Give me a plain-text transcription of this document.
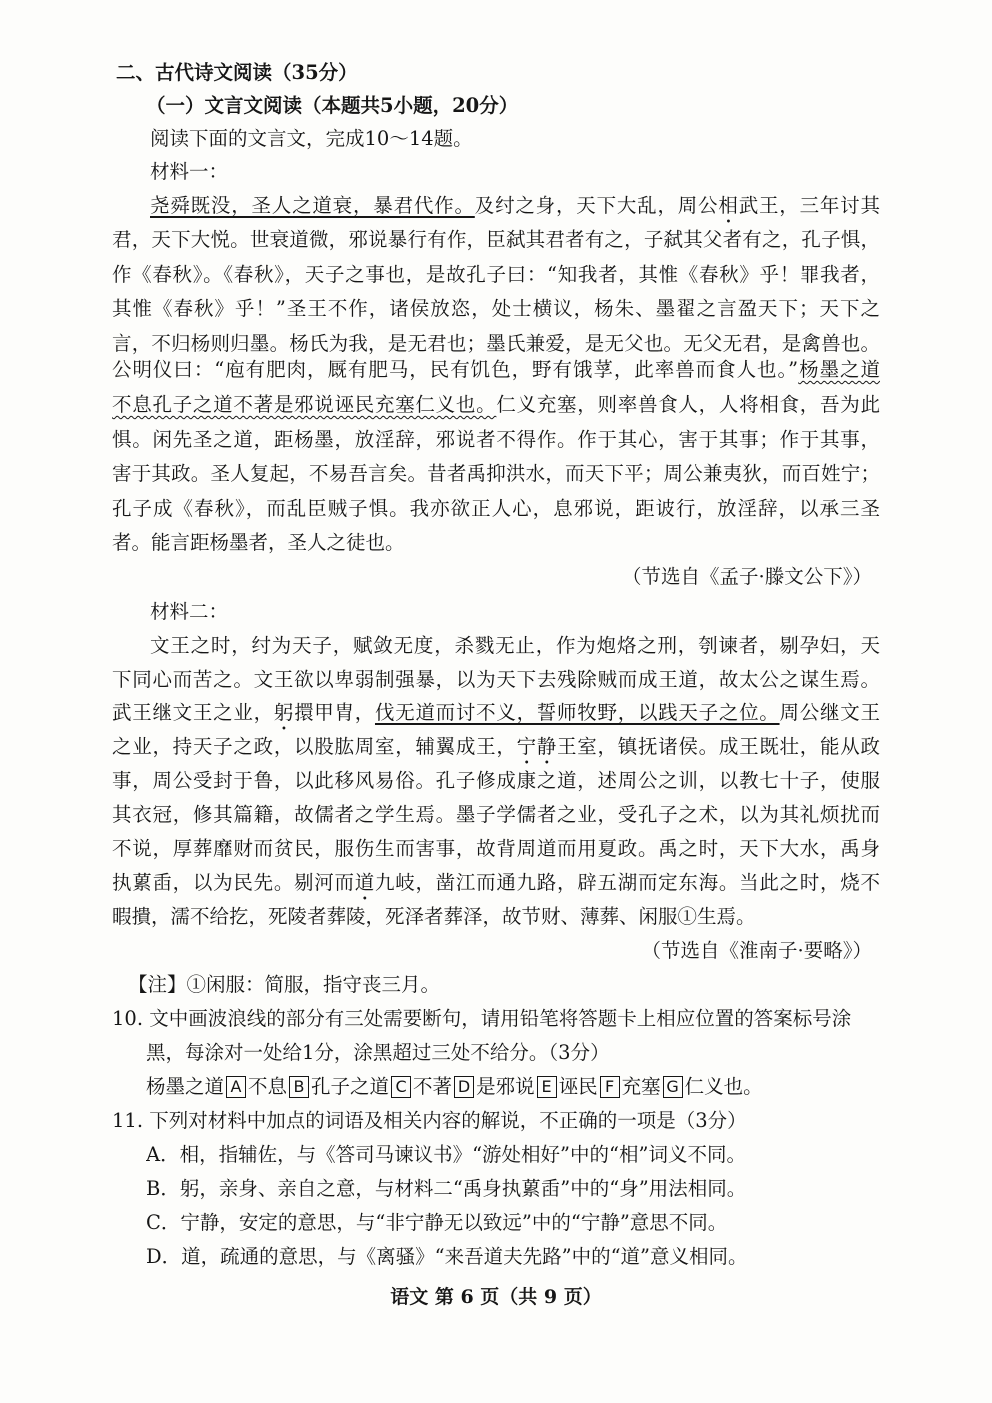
二、古代诗文阅读（35分）
（一）文言文阅读（本题共5小题，20分）
阅读下面的文言文，完成10～14题。
材料一：
尧舜既没，圣人之道衰，暴君代作。及纣之身，天下大乱，周公相武王，三年讨其
君，天下大悦。世衰道微，邪说暴行有作，臣弑其君者有之，子弑其父者有之，孔子惧，
作《春秋》。《春秋》，天子之事也，是故孔子曰：“知我者，其惟《春秋》乎！罪我者，
其惟《春秋》乎！”圣王不作，诸侯放恣，处士横议，杨朱、墨翟之言盈天下；天下之
言，不归杨则归墨。杨氏为我，是无君也；墨氏兼爱，是无父也。无父无君，是禽兽也。
公明仪曰：“庖有肥肉，厩有肥马，民有饥色，野有饿莩，此率兽而食人也。”杨墨之道
不息孔子之道不著是邪说诬民充塞仁义也。仁义充塞，则率兽食人，人将相食，吾为此
惧。闲先圣之道，距杨墨，放淫辞，邪说者不得作。作于其心，害于其事；作于其事，
害于其政。圣人复起，不易吾言矣。昔者禹抑洪水，而天下平；周公兼夷狄，而百姓宁；
孔子成《春秋》，而乱臣贼子惧。我亦欲正人心，息邪说，距诐行，放淫辞，以承三圣
者。能言距杨墨者，圣人之徒也。
（节选自《孟子·滕文公下》）
材料二：
文王之时，纣为天子，赋敛无度，杀戮无止，作为炮烙之刑，刳谏者，剔孕妇，天
下同心而苦之。文王欲以卑弱制强暴，以为天下去残除贼而成王道，故太公之谋生焉。
武王继文王之业，躬擐甲胄，伐无道而讨不义，誓师牧野，以践天子之位。周公继文王
之业，持天子之政，以股肱周室，辅翼成王，宁静王室，镇抚诸侯。成王既壮，能从政
事，周公受封于鲁，以此移风易俗。孔子修成康之道，述周公之训，以教七十子，使服
其衣冠，修其篇籍，故儒者之学生焉。墨子学儒者之业，受孔子之术，以为其礼烦扰而
不说，厚葬靡财而贫民，服伤生而害事，故背周道而用夏政。禹之时，天下大水，禹身
执蔂臿，以为民先。剔河而道九岐，凿江而通九路，辟五湖而定东海。当此之时，烧不
暇撌，濡不给扢，死陵者葬陵，死泽者葬泽，故节财、薄葬、闲服①生焉。
（节选自《淮南子·要略》）
【注】①闲服：简服，指守丧三月。
10. 文中画波浪线的部分有三处需要断句，请用铅笔将答题卡上相应位置的答案标号涂
黑，每涂对一处给1分，涂黑超过三处不给分。（3分）
杨墨之道 A 不息 B 孔子之道 C 不著 D 是邪说 E 诬民 F 充塞 G 仁义也。
11. 下列对材料中加点的词语及相关内容的解说，不正确的一项是（3分）
A．相，指辅佐，与《答司马谏议书》“游处相好”中的“相”词义不同。
B．躬，亲身、亲自之意，与材料二“禹身执蔂臿”中的“身”用法相同。
C．宁静，安定的意思，与“非宁静无以致远”中的“宁静”意思不同。
D．道，疏通的意思，与《离骚》“来吾道夫先路”中的“道”意义相同。
语文 第 6 页（共 9 页）
